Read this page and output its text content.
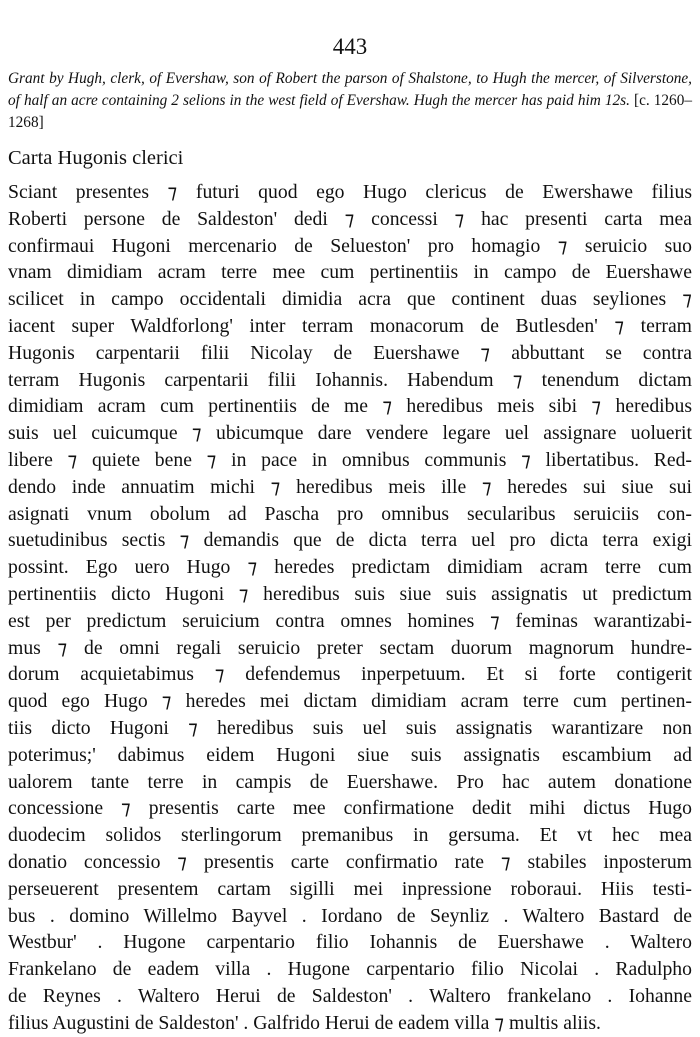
443
Grant by Hugh, clerk, of Evershaw, son of Robert the parson of Shalstone, to Hugh the mercer, of Silverstone, of half an acre containing 2 selions in the west field of Evershaw. Hugh the mercer has paid him 12s. [c. 1260–1268]
Carta Hugonis clerici
Sciant presentes ⁊ futuri quod ego Hugo clericus de Ewershawe filius
Roberti persone de Saldeston' dedi ⁊ concessi ⁊ hac presenti carta mea
confirmaui Hugoni mercenario de Selueston' pro homagio ⁊ seruicio suo
vnam dimidiam acram terre mee cum pertinentiis in campo de Euershawe
scilicet in campo occidentali dimidia acra que continent duas seyliones ⁊
iacent super Waldforlong' inter terram monacorum de Butlesden' ⁊ terram
Hugonis carpentarii filii Nicolay de Euershawe ⁊ abbuttant se contra
terram Hugonis carpentarii filii Iohannis. Habendum ⁊ tenendum dictam
dimidiam acram cum pertinentiis de me ⁊ heredibus meis sibi ⁊ heredibus
suis uel cuicumque ⁊ ubicumque dare vendere legare uel assignare uoluerit
libere ⁊ quiete bene ⁊ in pace in omnibus communis ⁊ libertatibus. Red-
dendo inde annuatim michi ⁊ heredibus meis ille ⁊ heredes sui siue sui
asignati vnum obolum ad Pascha pro omnibus secularibus seruiciis con-
suetudinibus sectis ⁊ demandis que de dicta terra uel pro dicta terra exigi
possint. Ego uero Hugo ⁊ heredes predictam dimidiam acram terre cum
pertinentiis dicto Hugoni ⁊ heredibus suis siue suis assignatis ut predictum
est per predictum seruicium contra omnes homines ⁊ feminas warantizabi-
mus ⁊ de omni regali seruicio preter sectam duorum magnorum hundre-
dorum acquietabimus ⁊ defendemus inperpetuum. Et si forte contigerit
quod ego Hugo ⁊ heredes mei dictam dimidiam acram terre cum pertinen-
tiis dicto Hugoni ⁊ heredibus suis uel suis assignatis warantizare non
poterimus;' dabimus eidem Hugoni siue suis assignatis escambium ad
ualorem tante terre in campis de Euershawe. Pro hac autem donatione
concessione ⁊ presentis carte mee confirmatione dedit mihi dictus Hugo
duodecim solidos sterlingorum premanibus in gersuma. Et vt hec mea
donatio concessio ⁊ presentis carte confirmatio rate ⁊ stabiles inposterum
perseuerent presentem cartam sigilli mei inpressione roboraui. Hiis testi-
bus . domino Willelmo Bayvel . Iordano de Seynliz . Waltero Bastard de
Westbur' . Hugone carpentario filio Iohannis de Euershawe . Waltero
Frankelano de eadem villa . Hugone carpentario filio Nicolai . Radulpho
de Reynes . Waltero Herui de Saldeston' . Waltero frankelano . Iohanne
filius Augustini de Saldeston' . Galfrido Herui de eadem villa ⁊ multis aliis.
